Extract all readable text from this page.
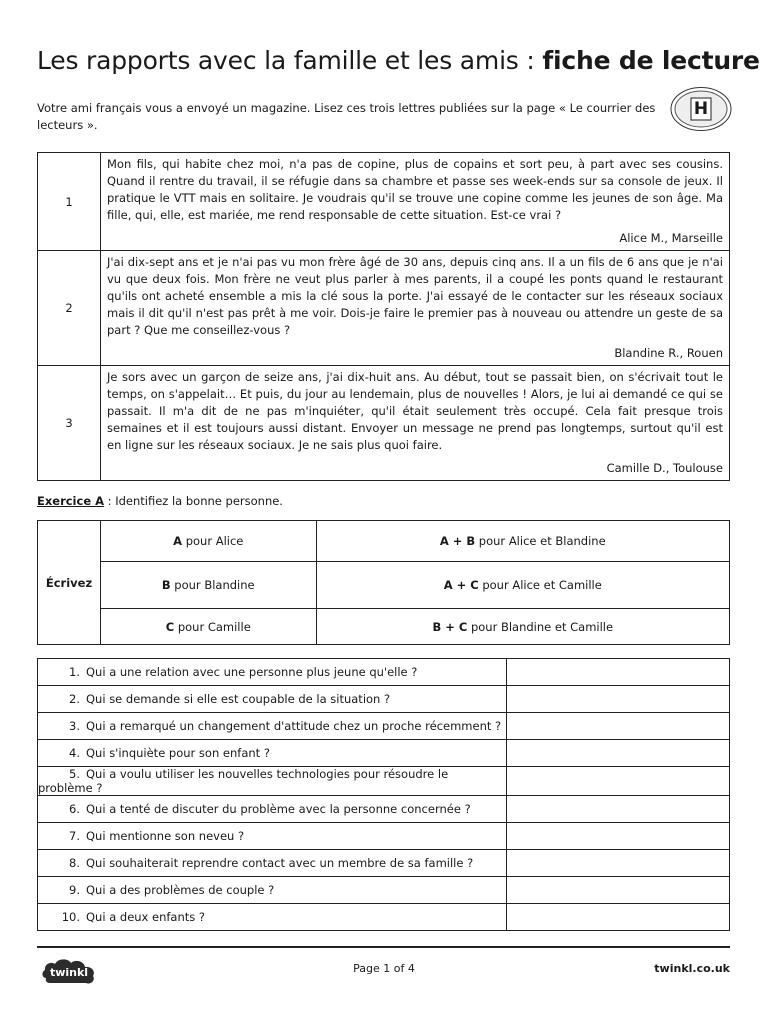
Les rapports avec la famille et les amis : fiche de lecture

Votre ami français vous a envoyé un magazine. Lisez ces trois lettres publiées sur la page « Le courrier des lecteurs ».

H
1	Mon fils, qui habite chez moi, n'a pas de copine, plus de copains et sort peu, à part avec ses cousins. Quand il rentre du travail, il se réfugie dans sa chambre et passe ses week-ends sur sa console de jeux. Il pratique le VTT mais en solitaire. Je voudrais qu'il se trouve une copine comme les jeunes de son âge. Ma fille, qui, elle, est mariée, me rend responsable de cette situation. Est-ce vrai ?
Alice M., Marseille

2	J'ai dix-sept ans et je n'ai pas vu mon frère âgé de 30 ans, depuis cinq ans. Il a un fils de 6 ans que je n'ai vu que deux fois. Mon frère ne veut plus parler à mes parents, il a coupé les ponts quand le restaurant qu'ils ont acheté ensemble a mis la clé sous la porte. J'ai essayé de le contacter sur les réseaux sociaux mais il dit qu'il n'est pas prêt à me voir. Dois-je faire le premier pas à nouveau ou attendre un geste de sa part ? Que me conseillez-vous ?
Blandine R., Rouen

3	Je sors avec un garçon de seize ans, j'ai dix-huit ans. Au début, tout se passait bien, on s'écrivait tout le temps, on s'appelait… Et puis, du jour au lendemain, plus de nouvelles ! Alors, je lui ai demandé ce qui se passait. Il m'a dit de ne pas m'inquiéter, qu'il était seulement très occupé. Cela fait presque trois semaines et il est toujours aussi distant. Envoyer un message ne prend pas longtemps, surtout qu'il est en ligne sur les réseaux sociaux. Je ne sais plus quoi faire.
Camille D., Toulouse

Exercice A : Identifiez la bonne personne.

Écrivez	A pour Alice	A + B pour Alice et Blandine
	B pour Blandine	A + C pour Alice et Camille
	C pour Camille	B + C pour Blandine et Camille
1. Qui a une relation avec une personne plus jeune qu'elle ?	
2. Qui se demande si elle est coupable de la situation ?	
3. Qui a remarqué un changement d'attitude chez un proche récemment ?	
4. Qui s'inquiète pour son enfant ?	
5. Qui a voulu utiliser les nouvelles technologies pour résoudre le problème ?	
6. Qui a tenté de discuter du problème avec la personne concernée ?	
7. Qui mentionne son neveu ?	
8. Qui souhaiterait reprendre contact avec un membre de sa famille ?	
9. Qui a des problèmes de couple ?	
10. Qui a deux enfants ?	
twinkl	Page 1 of 4	twinkl.co.uk
